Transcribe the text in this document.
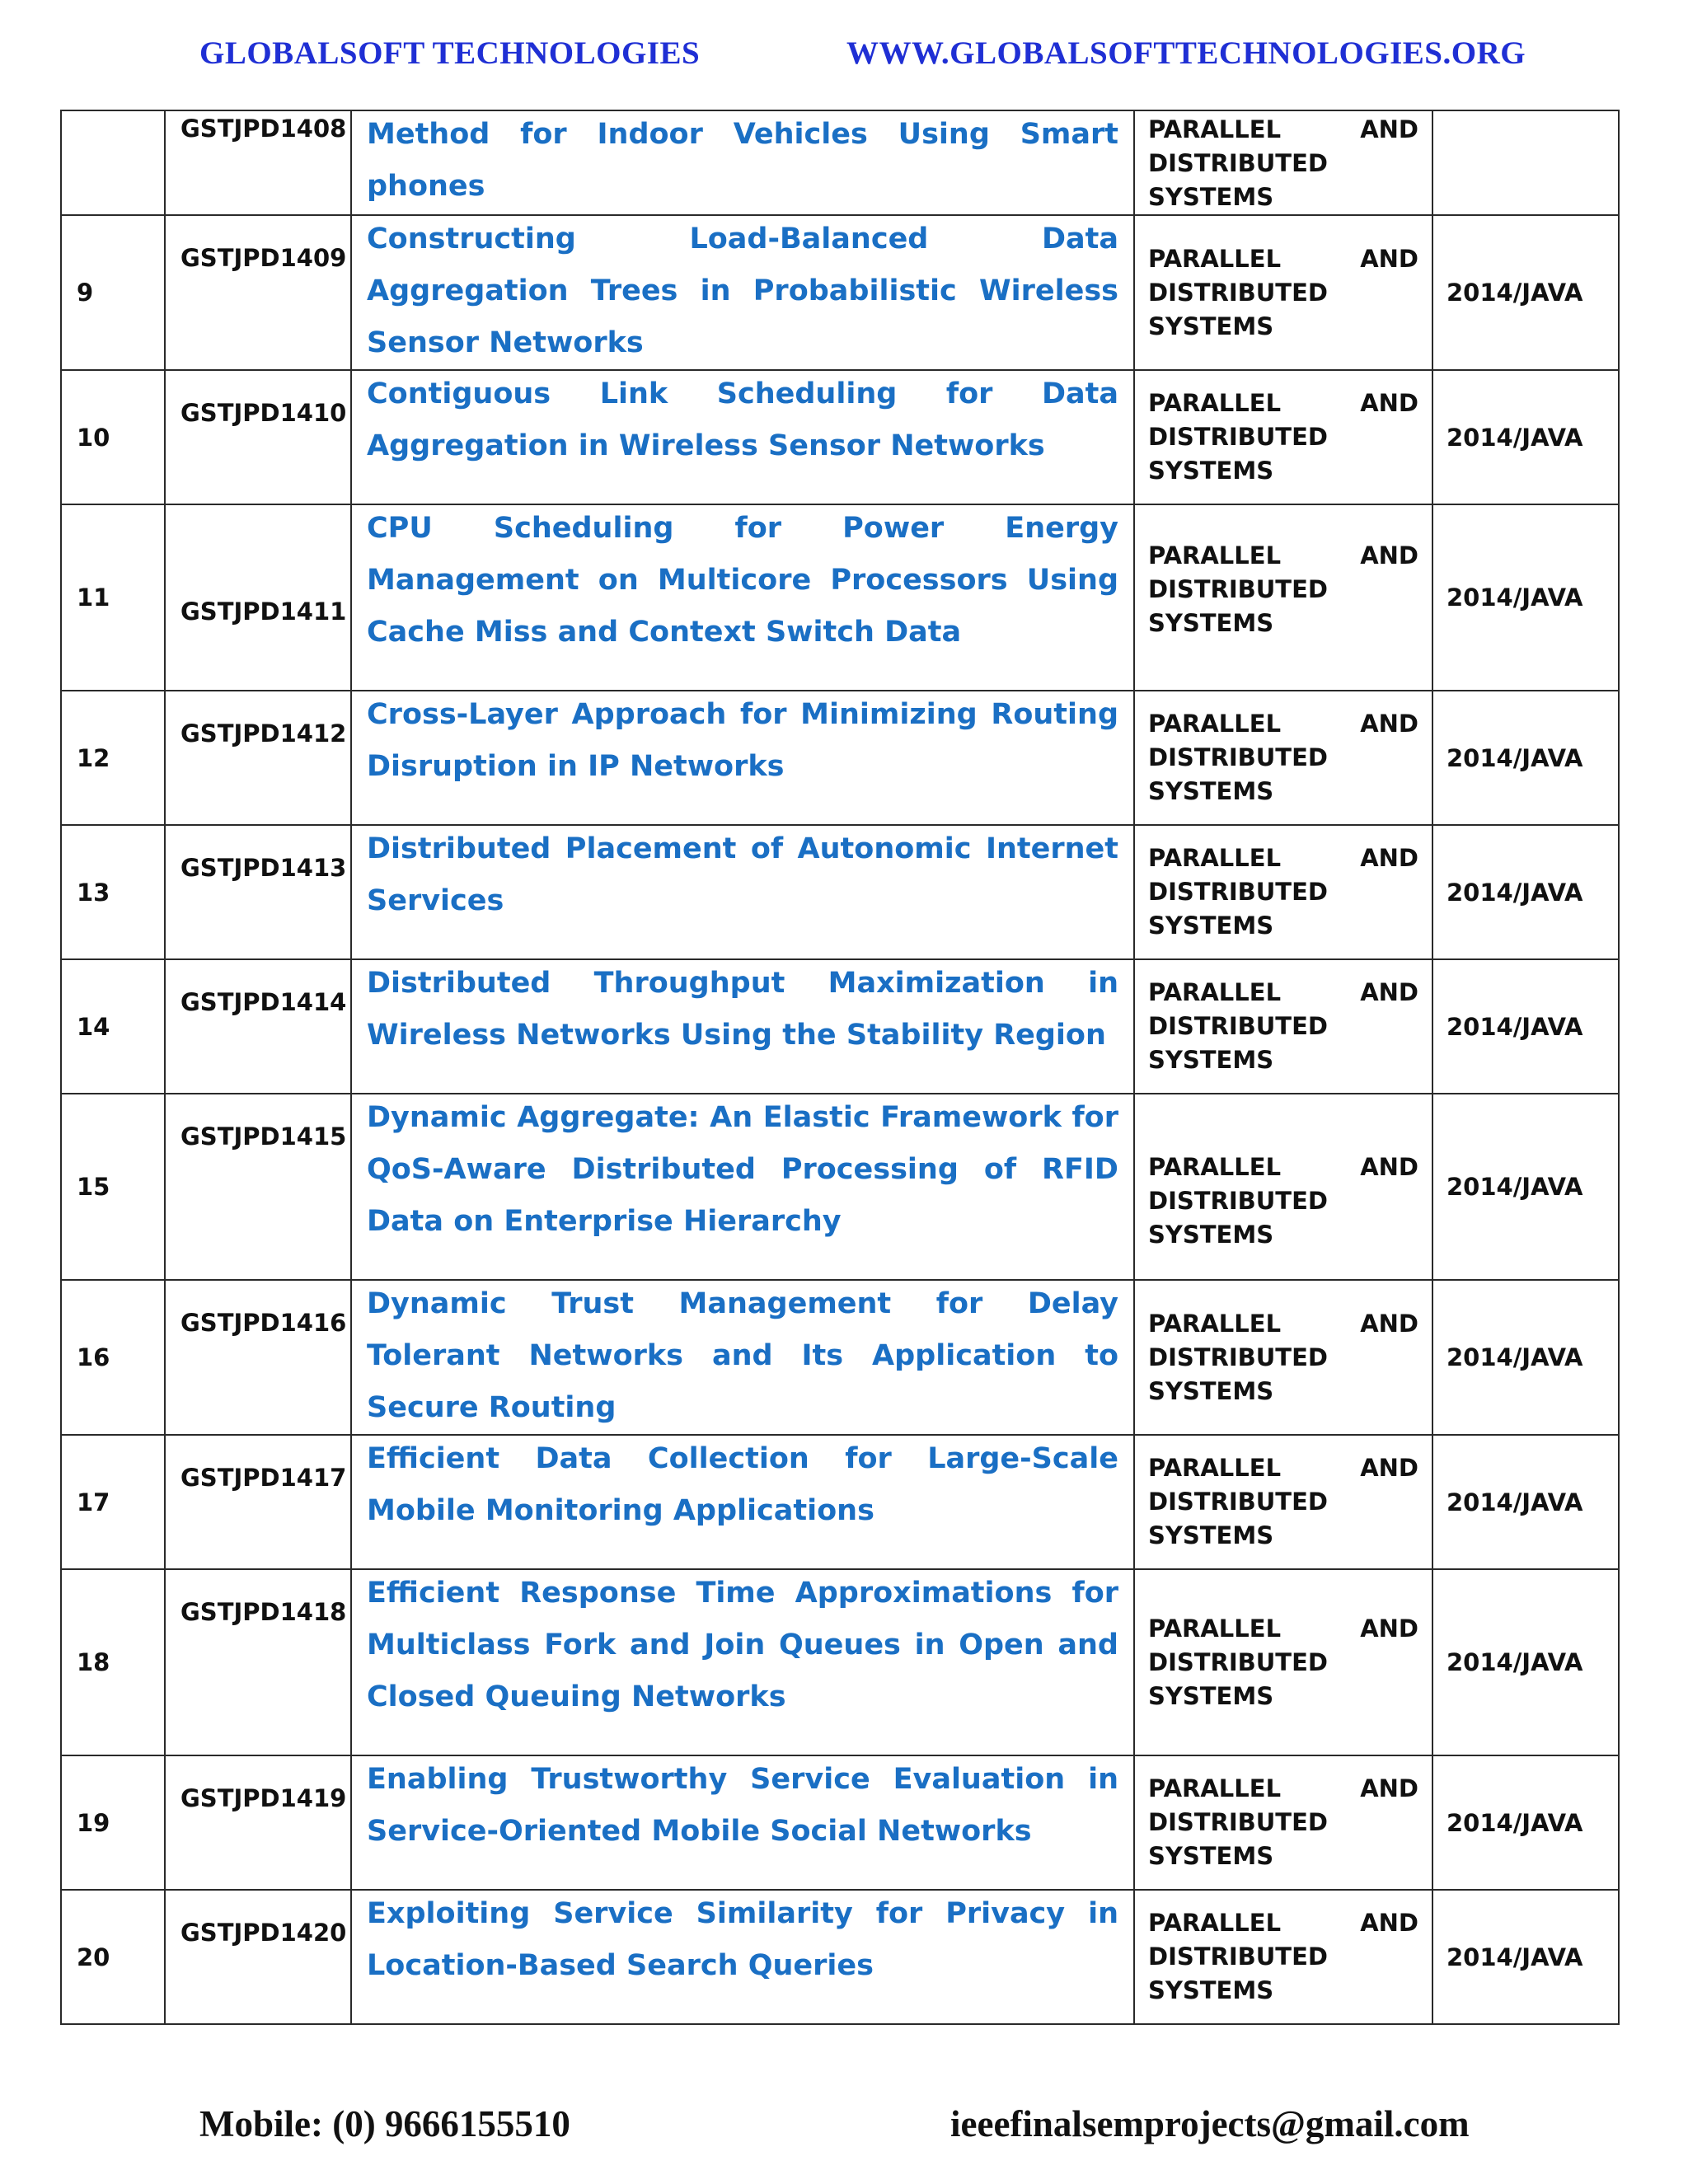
GLOBALSOFT TECHNOLOGIES	WWW.GLOBALSOFTTECHNOLOGIES.ORG

	GSTJPD1408	Method for Indoor Vehicles Using Smart phones	PARALLEL AND
DISTRIBUTED SYSTEMS	

9	GSTJPD1409	Constructing Load-Balanced Data Aggregation Trees in Probabilistic Wireless Sensor Networks	PARALLEL AND
DISTRIBUTED SYSTEMS	2014/JAVA
10	GSTJPD1410	Contiguous Link Scheduling for Data Aggregation in Wireless Sensor Networks	PARALLEL AND
DISTRIBUTED SYSTEMS	2014/JAVA
11	GSTJPD1411	CPU Scheduling for Power Energy Management on Multicore Processors Using Cache Miss and Context Switch Data	PARALLEL AND
DISTRIBUTED SYSTEMS	2014/JAVA
12	GSTJPD1412	Cross-Layer Approach for Minimizing Routing Disruption in IP Networks	PARALLEL AND
DISTRIBUTED SYSTEMS	2014/JAVA
13	GSTJPD1413	Distributed Placement of Autonomic Internet Services	PARALLEL AND
DISTRIBUTED SYSTEMS	2014/JAVA
14	GSTJPD1414	Distributed Throughput Maximization in Wireless Networks Using the Stability Region	PARALLEL AND
DISTRIBUTED SYSTEMS	2014/JAVA
15	GSTJPD1415	Dynamic Aggregate: An Elastic Framework for QoS-Aware Distributed Processing of RFID Data on Enterprise Hierarchy	PARALLEL AND
DISTRIBUTED SYSTEMS	2014/JAVA
16	GSTJPD1416	Dynamic Trust Management for Delay Tolerant Networks and Its Application to Secure Routing	PARALLEL AND
DISTRIBUTED SYSTEMS	2014/JAVA
17	GSTJPD1417	Efficient Data Collection for Large-Scale Mobile Monitoring Applications	PARALLEL AND
DISTRIBUTED SYSTEMS	2014/JAVA
18	GSTJPD1418	Efficient Response Time Approximations for Multiclass Fork and Join Queues in Open and Closed Queuing Networks	PARALLEL AND
DISTRIBUTED SYSTEMS	2014/JAVA
19	GSTJPD1419	Enabling Trustworthy Service Evaluation in Service-Oriented Mobile Social Networks	PARALLEL AND
DISTRIBUTED SYSTEMS	2014/JAVA
20	GSTJPD1420	Exploiting Service Similarity for Privacy in Location-Based Search Queries	PARALLEL AND
DISTRIBUTED SYSTEMS	2014/JAVA
Mobile: (0) 9666155510	ieeefinalsemprojects@gmail.com
